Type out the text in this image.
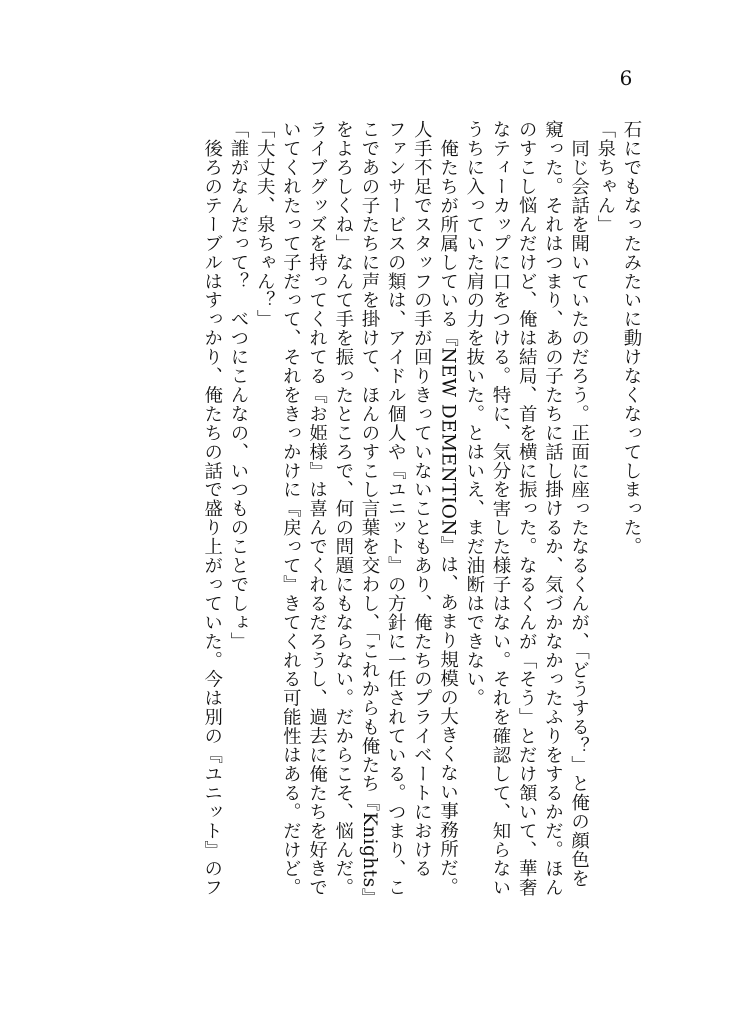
6
石にでもなったみたいに動けなくなってしまった。
「泉ちゃん」
　同じ会話を聞いていたのだろう。正面に座ったなるくんが、「どうする？」と俺の顔色を
窺った。それはつまり、あの子たちに話し掛けるか、気づかなかったふりをするかだ。ほん
のすこし悩んだけど、俺は結局、首を横に振った。なるくんが「そう」とだけ頷いて、華奢
なティーカップに口をつける。特に、気分を害した様子はない。それを確認して、知らない
うちに入っていた肩の力を抜いた。とはいえ、まだ油断はできない。
　俺たちが所属している『NEW DEMENTION』は、あまり規模の大きくない事務所だ。
人手不足でスタッフの手が回りきっていないこともあり、俺たちのプライベートにおける
ファンサービスの類は、アイドル個人や『ユニット』の方針に一任されている。つまり、こ
こであの子たちに声を掛けて、ほんのすこし言葉を交わし、「これからも俺たち『Knights』
をよろしくね」なんて手を振ったところで、何の問題にもならない。だからこそ、悩んだ。
ライブグッズを持ってくれてる『お姫様』は喜んでくれるだろうし、過去に俺たちを好きで
いてくれたって子だって、それをきっかけに『戻って』きてくれる可能性はある。だけど。
「大丈夫、泉ちゃん？」
「誰がなんだって？　べつにこんなの、いつものことでしょ」
　後ろのテーブルはすっかり、俺たちの話で盛り上がっていた。今は別の『ユニット』のフ
